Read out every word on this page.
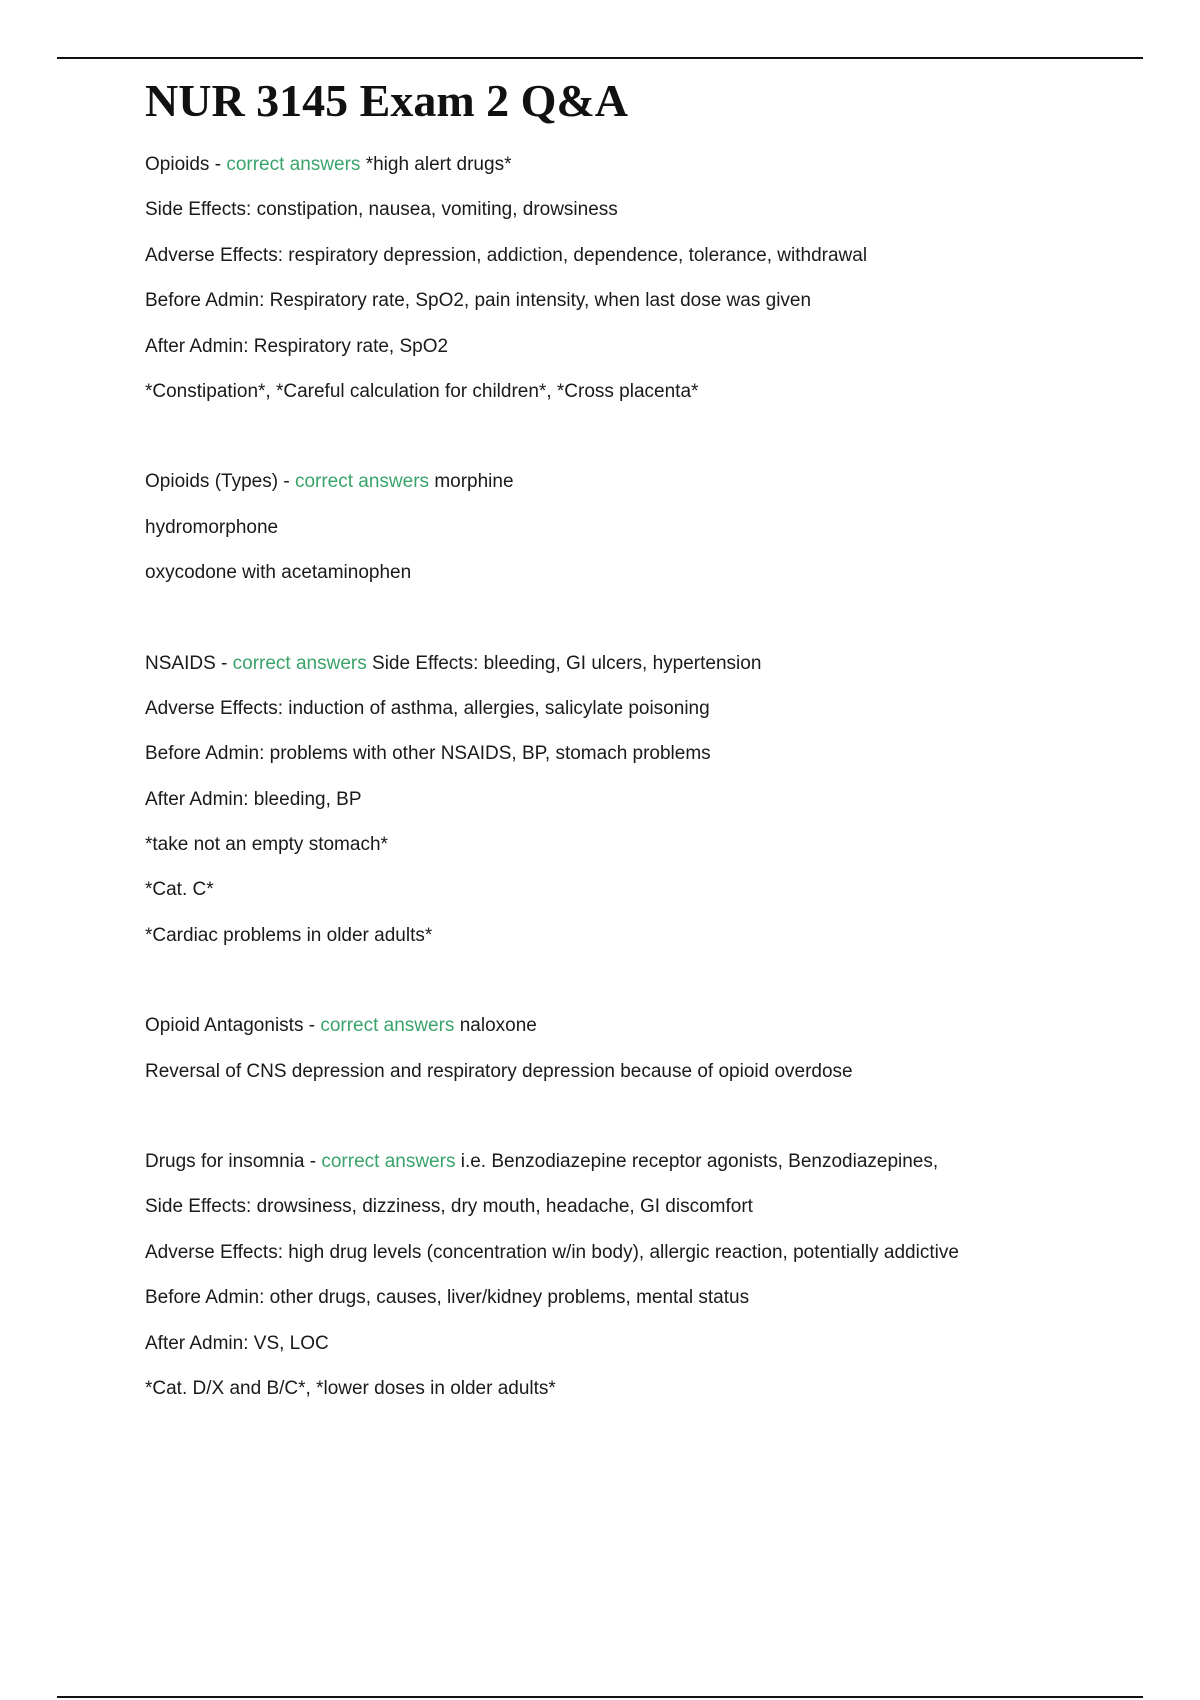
NUR 3145 Exam 2 Q&A
Opioids - correct answers *high alert drugs*
Side Effects: constipation, nausea, vomiting, drowsiness
Adverse Effects: respiratory depression, addiction, dependence, tolerance, withdrawal
Before Admin: Respiratory rate, SpO2, pain intensity, when last dose was given
After Admin: Respiratory rate, SpO2
*Constipation*, *Careful calculation for children*, *Cross placenta*
Opioids (Types) - correct answers morphine
hydromorphone
oxycodone with acetaminophen
NSAIDS - correct answers Side Effects: bleeding, GI ulcers, hypertension
Adverse Effects: induction of asthma, allergies, salicylate poisoning
Before Admin: problems with other NSAIDS, BP, stomach problems
After Admin: bleeding, BP
*take not an empty stomach*
*Cat. C*
*Cardiac problems in older adults*
Opioid Antagonists - correct answers naloxone
Reversal of CNS depression and respiratory depression because of opioid overdose
Drugs for insomnia - correct answers i.e. Benzodiazepine receptor agonists, Benzodiazepines,
Side Effects: drowsiness, dizziness, dry mouth, headache, GI discomfort
Adverse Effects: high drug levels (concentration w/in body), allergic reaction, potentially addictive
Before Admin: other drugs, causes, liver/kidney problems, mental status
After Admin: VS, LOC
*Cat. D/X and B/C*, *lower doses in older adults*
